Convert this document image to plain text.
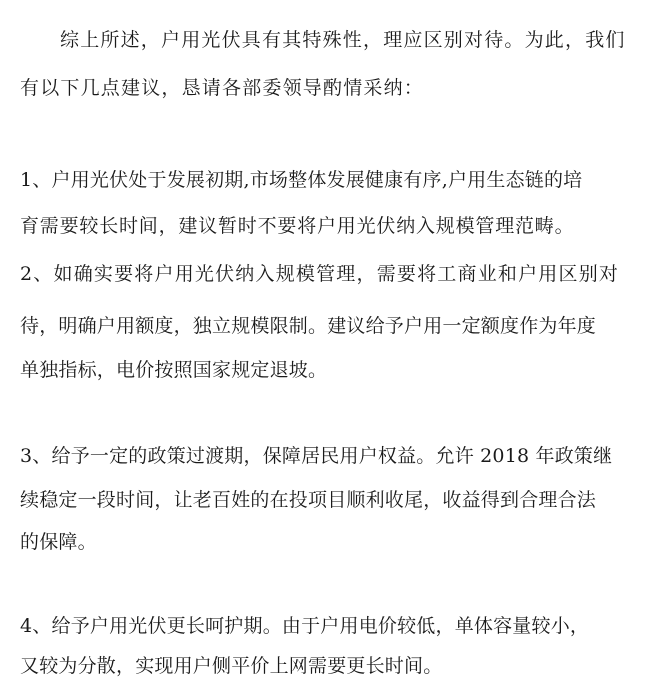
综上所述，户用光伏具有其特殊性，理应区别对待。为此，我们
有以下几点建议，恳请各部委领导酌情采纳：
1、户用光伏处于发展初期,市场整体发展健康有序,户用生态链的培
育需要较长时间，建议暂时不要将户用光伏纳入规模管理范畴。
2、如确实要将户用光伏纳入规模管理，需要将工商业和户用区别对
待，明确户用额度，独立规模限制。建议给予户用一定额度作为年度
单独指标，电价按照国家规定退坡。
3、给予一定的政策过渡期，保障居民用户权益。允许 2018 年政策继
续稳定一段时间，让老百姓的在投项目顺利收尾，收益得到合理合法
的保障。
4、给予户用光伏更长呵护期。由于户用电价较低，单体容量较小，
又较为分散，实现用户侧平价上网需要更长时间。
